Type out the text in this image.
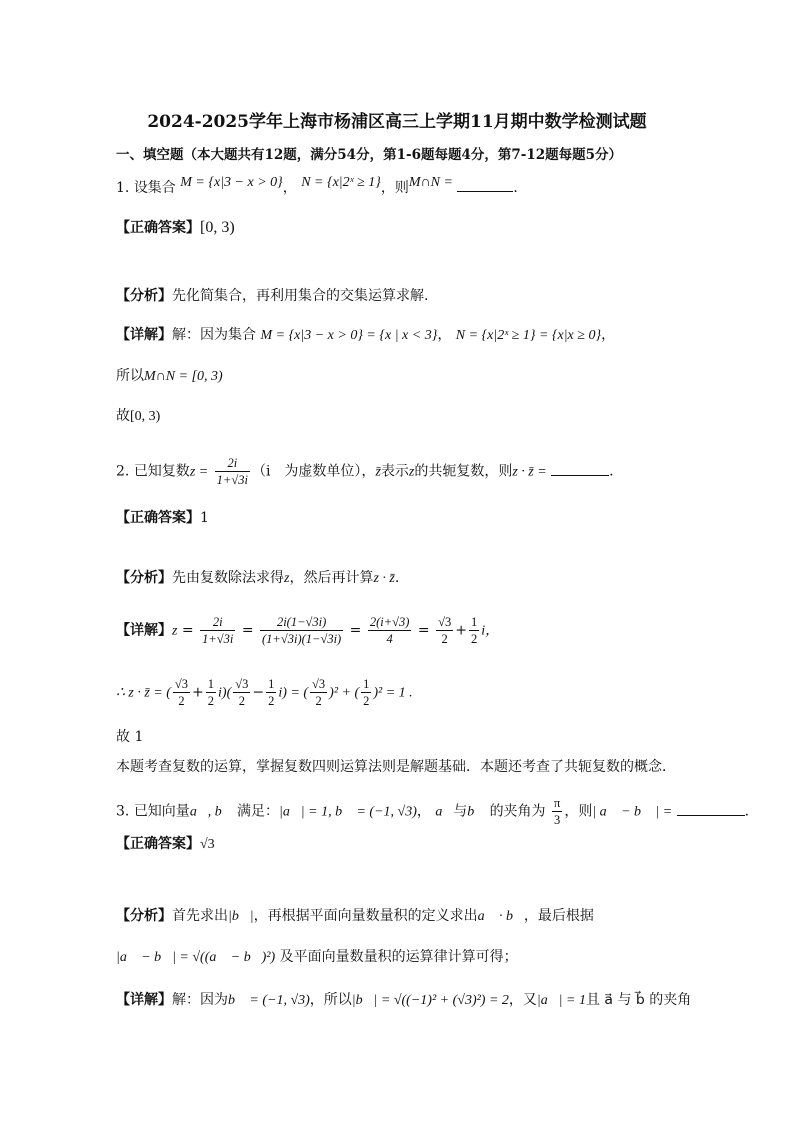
2024-2025学年上海市杨浦区高三上学期11月期中数学检测试题
一、填空题（本大题共有12题，满分54分，第1-6题每题4分，第7-12题每题5分）
1. 设集合 M = {x|3 − x > 0}， N = {x|2ˣ ≥ 1}，则M∩N =	．
【正确答案】[0, 3)
【分析】先化简集合，再利用集合的交集运算求解.
【详解】解：因为集合 M = {x|3 − x > 0} = {x | x < 3}， N = {x|2ˣ ≥ 1} = {x|x ≥ 0}，
所以M∩N = [0, 3)
故[0, 3)
2. 已知复数$z = \frac{2i}{1+√3i} (i$　为虚数单位），z̄表示z的共轭复数，则z · z̄ =	.
【正确答案】1
【分析】先由复数除法求得z，然后再计算z · z̄.
【详解】$z = \frac{2i}{1+√3i} = \frac{2i(1-√3i)}{(1+√3i)(1-√3i)} = \frac{2(i+√3)}{4} = \frac{√3}{2} + \frac{1}{2}$ i，
∴ z · z̄ = ( $\frac{√3}{2} + \frac{1}{2} i)( \frac{√3}{2} - \frac{1}{2} i)$ = ( $\frac{√3}{2} )^2$ + ( $\frac{1}{2} )^2 = 1$ .
故 1
本题考查复数的运算，掌握复数四则运算法则是解题基础．本题还考查了共轭复数的概念．
3. 已知向量a⃗, b⃗ 满足：|a⃗| = 1, b⃗ = (−1, √3)， a⃗与b⃗ 的夹角为 $\frac{\pi}{3}$ ，则| a⃗ − b⃗ | =	.
【正确答案】√3
【分析】首先求出|b⃗|，再根据平面向量数量积的定义求出a⃗ · b⃗，最后根据
|a⃗ − b⃗| = √((a⃗ − b⃗)²) 及平面向量数量积的运算律计算可得；
【详解】解：因为b⃗ = (−1, √3)，所以|b⃗| = √((−1)² + (√3)²) = 2，又|a⃗| = 1且 a⃗ 与 b⃗ 的夹角
